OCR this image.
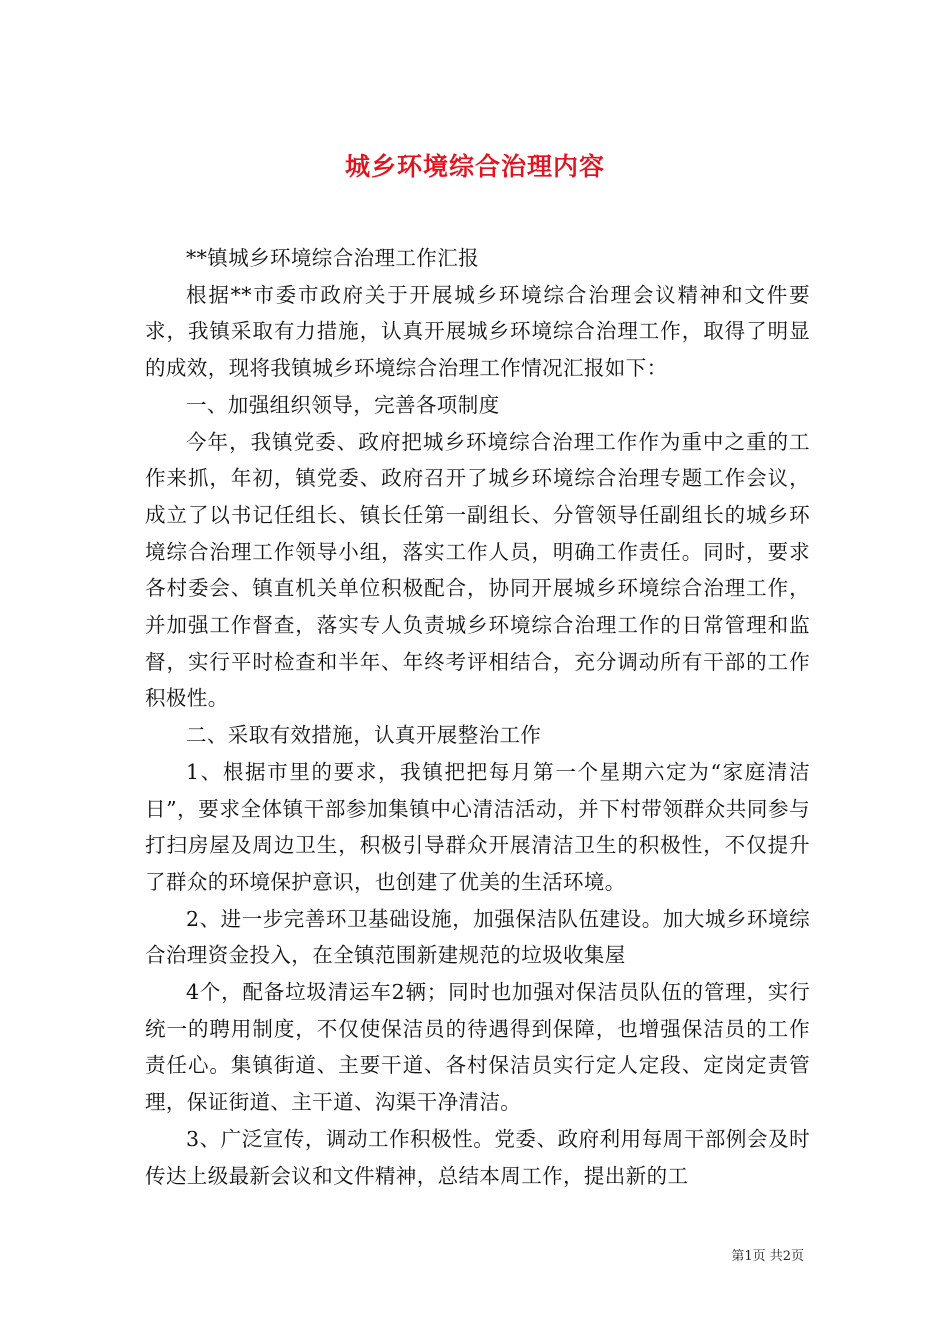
城乡环境综合治理内容

**镇城乡环境综合治理工作汇报

根据**市委市政府关于开展城乡环境综合治理会议精神和文件要求，我镇采取有力措施，认真开展城乡环境综合治理工作，取得了明显的成效，现将我镇城乡环境综合治理工作情况汇报如下：

一、加强组织领导，完善各项制度

今年，我镇党委、政府把城乡环境综合治理工作作为重中之重的工作来抓，年初，镇党委、政府召开了城乡环境综合治理专题工作会议，成立了以书记任组长、镇长任第一副组长、分管领导任副组长的城乡环境综合治理工作领导小组，落实工作人员，明确工作责任。同时，要求各村委会、镇直机关单位积极配合，协同开展城乡环境综合治理工作，并加强工作督查，落实专人负责城乡环境综合治理工作的日常管理和监督，实行平时检查和半年、年终考评相结合，充分调动所有干部的工作积极性。

二、采取有效措施，认真开展整治工作

1、根据市里的要求，我镇把把每月第一个星期六定为“家庭清洁日”，要求全体镇干部参加集镇中心清洁活动，并下村带领群众共同参与打扫房屋及周边卫生，积极引导群众开展清洁卫生的积极性，不仅提升了群众的环境保护意识，也创建了优美的生活环境。

2、进一步完善环卫基础设施，加强保洁队伍建设。加大城乡环境综合治理资金投入，在全镇范围新建规范的垃圾收集屋

4个，配备垃圾清运车2辆；同时也加强对保洁员队伍的管理，实行统一的聘用制度，不仅使保洁员的待遇得到保障，也增强保洁员的工作责任心。集镇街道、主要干道、各村保洁员实行定人定段、定岗定责管理，保证街道、主干道、沟渠干净清洁。

3、广泛宣传，调动工作积极性。党委、政府利用每周干部例会及时传达上级最新会议和文件精神，总结本周工作，提出新的工

第1页 共2页
